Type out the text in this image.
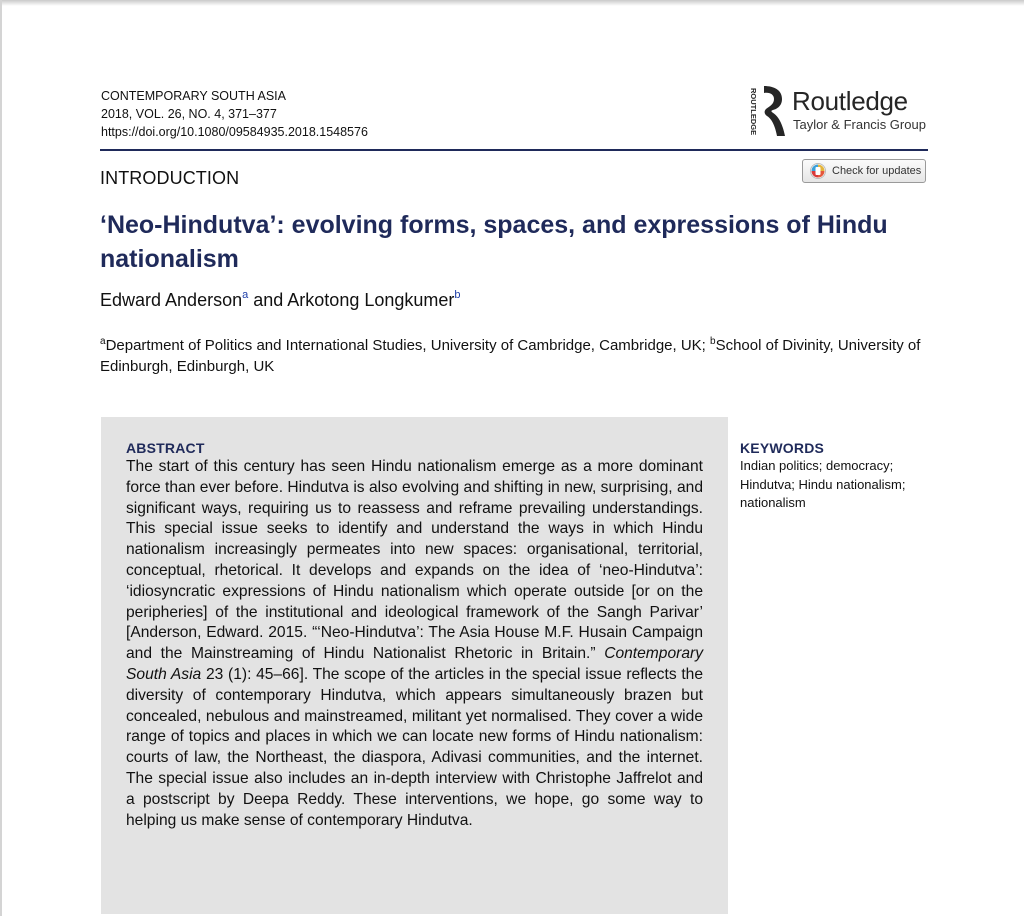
CONTEMPORARY SOUTH ASIA
2018, VOL. 26, NO. 4, 371–377
https://doi.org/10.1080/09584935.2018.1548576	ROUTLEDGE Routledge
Taylor & Francis Group
INTRODUCTION	Check for updates
‘Neo-Hindutva’: evolving forms, spaces, and expressions of Hindu nationalism
Edward Anderson$^a$ and Arkotong Longkumer$^b$
$^a$Department of Politics and International Studies, University of Cambridge, Cambridge, UK; $^b$School of Divinity, University of Edinburgh, Edinburgh, UK
ABSTRACT

The start of this century has seen Hindu nationalism emerge as a more dominant force than ever before. Hindutva is also evolving and shifting in new, surprising, and significant ways, requiring us to reassess and reframe prevailing understandings. This special issue seeks to identify and understand the ways in which Hindu nationalism increasingly permeates into new spaces: organisational, territorial, conceptual, rhetorical. It develops and expands on the idea of ‘neo-Hindutva’: ‘idiosyncratic expressions of Hindu nationalism which operate outside [or on the peripheries] of the institutional and ideological framework of the Sangh Parivar’ [Anderson, Edward. 2015. “‘Neo-Hindutva’: The Asia House M.F. Husain Campaign and the Mainstreaming of Hindu Nationalist Rhetoric in Britain.” Contemporary South Asia 23 (1): 45–66]. The scope of the articles in the special issue reflects the diversity of contemporary Hindutva, which appears simultaneously brazen but concealed, nebulous and mainstreamed, militant yet normalised. They cover a wide range of topics and places in which we can locate new forms of Hindu nationalism: courts of law, the Northeast, the diaspora, Adivasi communities, and the internet. The special issue also includes an in-depth interview with Christophe Jaffrelot and a postscript by Deepa Reddy. These interventions, we hope, go some way to helping us make sense of contemporary Hindutva.

KEYWORDS
Indian politics; democracy; Hindutva; Hindu nationalism; nationalism
